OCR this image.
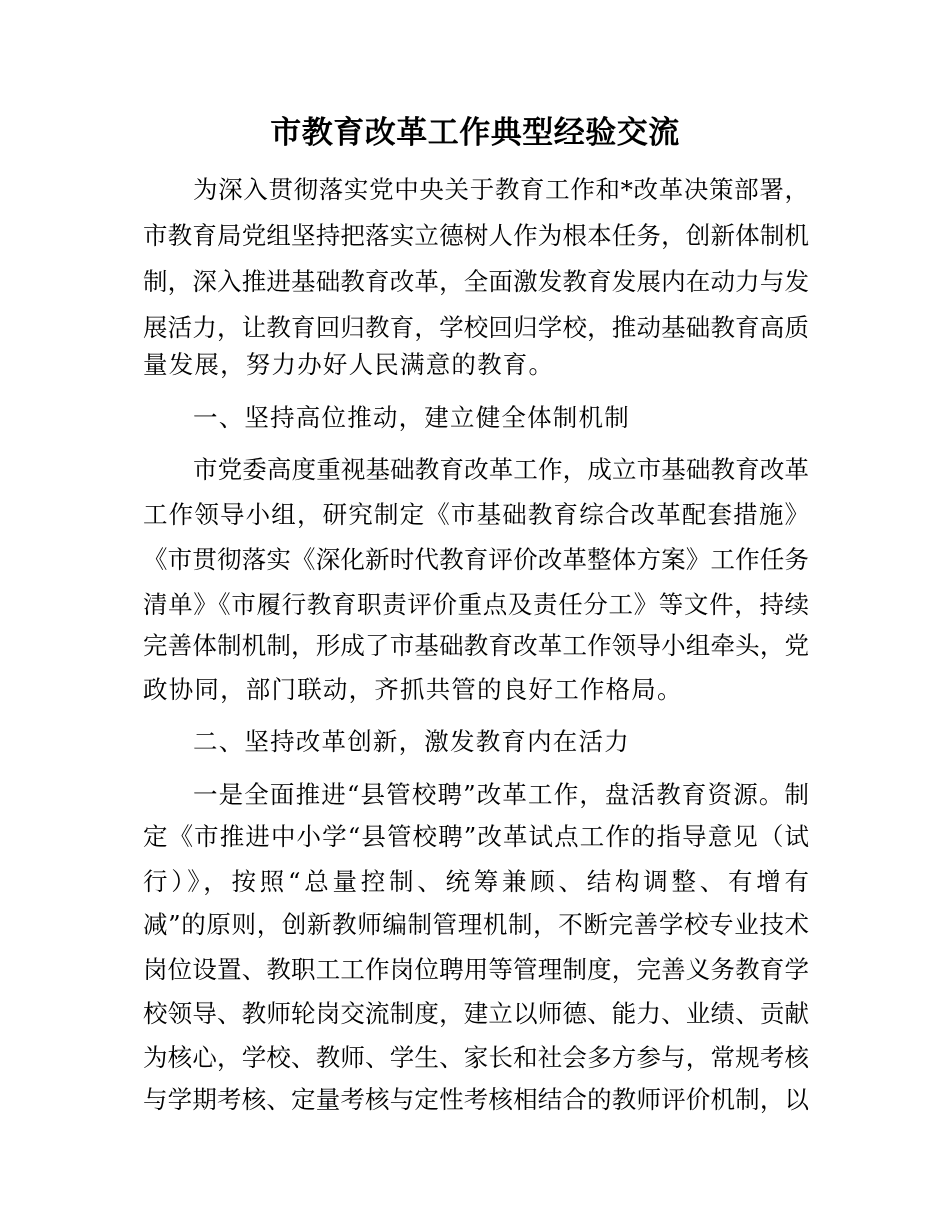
市教育改革工作典型经验交流
为深入贯彻落实党中央关于教育工作和*改革决策部署，
市教育局党组坚持把落实立德树人作为根本任务，创新体制机
制，深入推进基础教育改革，全面激发教育发展内在动力与发
展活力，让教育回归教育，学校回归学校，推动基础教育高质
量发展，努力办好人民满意的教育。
一、坚持高位推动，建立健全体制机制
市党委高度重视基础教育改革工作，成立市基础教育改革
工作领导小组，研究制定《市基础教育综合改革配套措施》
《市贯彻落实《深化新时代教育评价改革整体方案》工作任务
清单》《市履行教育职责评价重点及责任分工》等文件，持续
完善体制机制，形成了市基础教育改革工作领导小组牵头，党
政协同，部门联动，齐抓共管的良好工作格局。
二、坚持改革创新，激发教育内在活力
一是全面推进“县管校聘”改革工作，盘活教育资源。制
定《市推进中小学“县管校聘”改革试点工作的指导意见（试
行）》，按照“总量控制、统筹兼顾、结构调整、有增有
减”的原则，创新教师编制管理机制，不断完善学校专业技术
岗位设置、教职工工作岗位聘用等管理制度，完善义务教育学
校领导、教师轮岗交流制度，建立以师德、能力、业绩、贡献
为核心，学校、教师、学生、家长和社会多方参与，常规考核
与学期考核、定量考核与定性考核相结合的教师评价机制，以
